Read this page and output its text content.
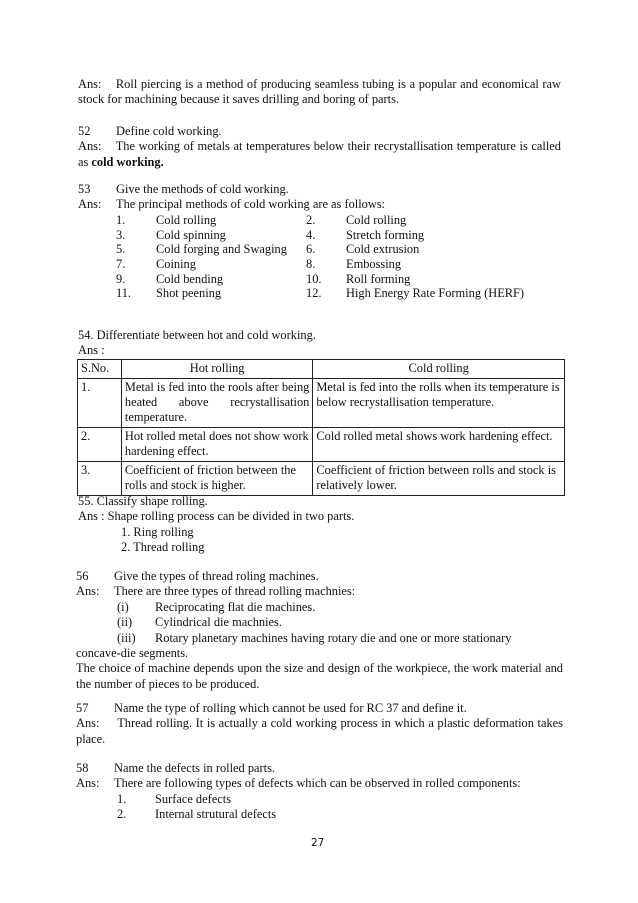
Ans: Roll piercing is a method of producing seamless tubing is a popular and economical raw stock for machining because it saves drilling and boring of parts.
52	Define cold working.
Ans: The working of metals at temperatures below their recrystallisation temperature is called as cold working.
53	Give the methods of cold working.
Ans:	The principal methods of cold working are as follows:
1.	Cold rolling	2.	Cold rolling
3.	Cold spinning	4.	Stretch forming
5.	Cold forging and Swaging	6.	Cold extrusion
7.	Coining	8.	Embossing
9.	Cold bending	10.	Roll forming
11.	Shot peening	12.	High Energy Rate Forming (HERF)
54. Differentiate between hot and cold working.
Ans :
S.No.	Hot rolling	Cold rolling
1.	Metal is fed into the rools after being heated above recrystallisation temperature.	Metal is fed into the rolls when its temperature is below recrystallisation temperature.
2.	Hot rolled metal does not show work hardening effect.	Cold rolled metal shows work hardening effect.
3.	Coefficient of friction between the rolls and stock is higher.	Coefficient of friction between rolls and stock is relatively lower.
55. Classify shape rolling.
Ans : Shape rolling process can be divided in two parts.
1. Ring rolling
2. Thread rolling
56	Give the types of thread roling machines.
Ans:	There are three types of thread rolling machnies:
(i)	Reciprocating flat die machines.
(ii)	Cylindrical die machnies.
(iii)	Rotary planetary machines having rotary die and one or more stationary
concave-die segments.
The choice of machine depends upon the size and design of the workpiece, the work material and the number of pieces to be produced.
57	Name the type of rolling which cannot be used for RC 37 and define it.
Ans: Thread rolling. It is actually a cold working process in which a plastic deformation takes place.
58	Name the defects in rolled parts.
Ans:	There are following types of defects which can be observed in rolled components:
1.	Surface defects
2.	Internal strutural defects
27
